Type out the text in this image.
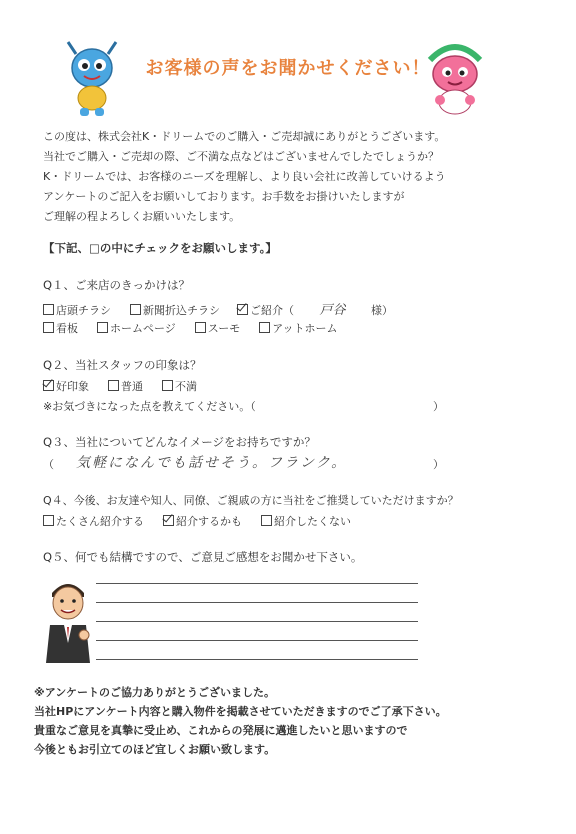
お客様の声をお聞かせください！
この度は、株式会社K・ドリームでのご購入・ご売却誠にありがとうございます。
当社でご購入・ご売却の際、ご不満な点などはございませんでしたでしょうか？
K・ドリームでは、お客様のニーズを理解し、より良い会社に改善していけるよう
アンケートのご記入をお願いしております。お手数をお掛けいたしますが
ご理解の程よろしくお願いいたします。
【下記、□の中にチェックをお願いします。】
Q１、ご来店のきっかけは？
店頭チラシ	新聞折込チラシ	ご紹介（ 戸谷 様）
看板	ホームページ	スーモ	アットホーム
Q２、当社スタッフの印象は？
好印象	普通	不満
※お気づきになった点を教えてください。（	）
Q３、当社についてどんなイメージをお持ちですか？
（ 気軽になんでも話せそう。フランク。	）
Q４、今後、お友達や知人、同僚、ご親戚の方に当社をご推奨していただけますか？
たくさん紹介する	紹介するかも	紹介したくない
Q５、何でも結構ですので、ご意見ご感想をお聞かせ下さい。
※アンケートのご協力ありがとうございました。
当社HPにアンケート内容と購入物件を掲載させていただきますのでご了承下さい。
貴重なご意見を真摯に受止め、これからの発展に邁進したいと思いますので
今後ともお引立てのほど宜しくお願い致します。
